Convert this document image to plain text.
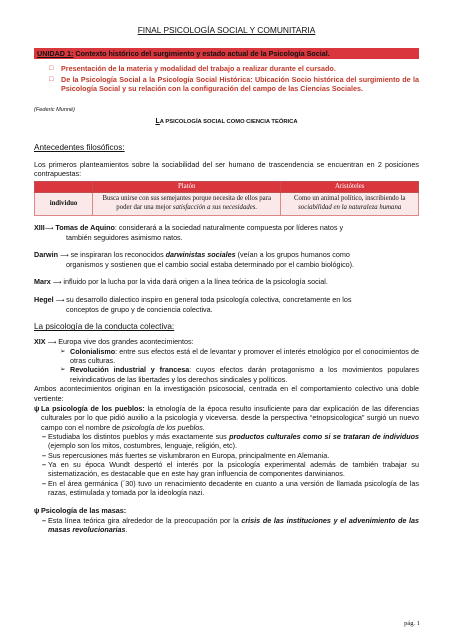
FINAL PSICOLOGÍA SOCIAL Y COMUNITARIA
UNIDAD 1: Contexto histórico del surgimiento y estado actual de la Psicología Social.
□ Presentación de la materia y modalidad del trabajo a realizar durante el cursado.
□ De la Psicología Social a la Psicología Social Histórica: Ubicación Socio histórica del surgimiento de la Psicología Social y su relación con la configuración del campo de las Ciencias Sociales.
(Federic Munné)
LA PSICOLOGÍA SOCIAL COMO CIENCIA TEÓRICA
Antecedentes filosóficos:

Los primeros planteamientos sobre la sociabilidad del ser humano de trascendencia se encuentran en 2 posiciones contrapuestas:

	Platón	Aristóteles
individuo	Busca unirse con sus semejantes porque necesita de ellos para poder dar una mejor satisfacción a sus necesidades.	Como un animal político, inscribiendo la sociabilidad en la naturaleza humana
XIII⟶ Tomas de Aquino: considerará a la sociedad naturalmente compuesta por líderes natos y
también seguidores asimismo natos.
Darwin ⟶ se inspiraran los reconocidos darwinistas sociales (veían a los grupos humanos como
organismos y sostienen que el cambio social estaba determinado por el cambio biológico).
Marx ⟶ influido por la lucha por la vida dará origen a la línea teórica de la psicología social.
Hegel ⟶ su desarrollo dialectico inspiro en general toda psicología colectiva, concretamente en los
conceptos de grupo y de conciencia colectiva.
La psicología de la conducta colectiva:
XIX ⟶ Europa vive dos grandes acontecimientos:
➢ Colonialismo: entre sus efectos está el de levantar y promover el interés etnológico por el conocimientos de otras culturas.
➢ Revolución industrial y francesa: cuyos efectos darán protagonismo a los movimientos populares reivindicativos de las libertades y los derechos sindicales y políticos.

Ambos acontecimientos originan en la investigación psicosocial, centrada en el comportamiento colectivo una doble vertiente:

ψ La psicología de los pueblos: la etnología de la época resulto insuficiente para dar explicación de las diferencias culturales por lo que pidió auxilio a la psicología y viceversa. desde la perspectiva “etnopsicologica” surgió un nuevo campo con el nombre de psicología de los pueblos.
– Estudiaba los distintos pueblos y más exactamente sus productos culturales como si se trataran de individuos (ejemplo son los mitos, costumbres, lenguaje, religión, etc).
– Sus repercusiones más fuertes se vislumbraron en Europa, principalmente en Alemania.
– Ya en su época Wundt despertó el interés por la psicología experimental además de también trabajar su sistematización, es destacable que en este hay gran influencia de componentes darwinianos.
– En el área germánica (´30) tuvo un renacimiento decadente en cuanto a una versión de llamada psicología de las razas, estimulada y tomada por la ideología nazi.
ψ Psicología de las masas:
– Esta línea teórica gira alrededor de la preocupación por la crisis de las instituciones y el advenimiento de las masas revolucionarias.
pág. 1
